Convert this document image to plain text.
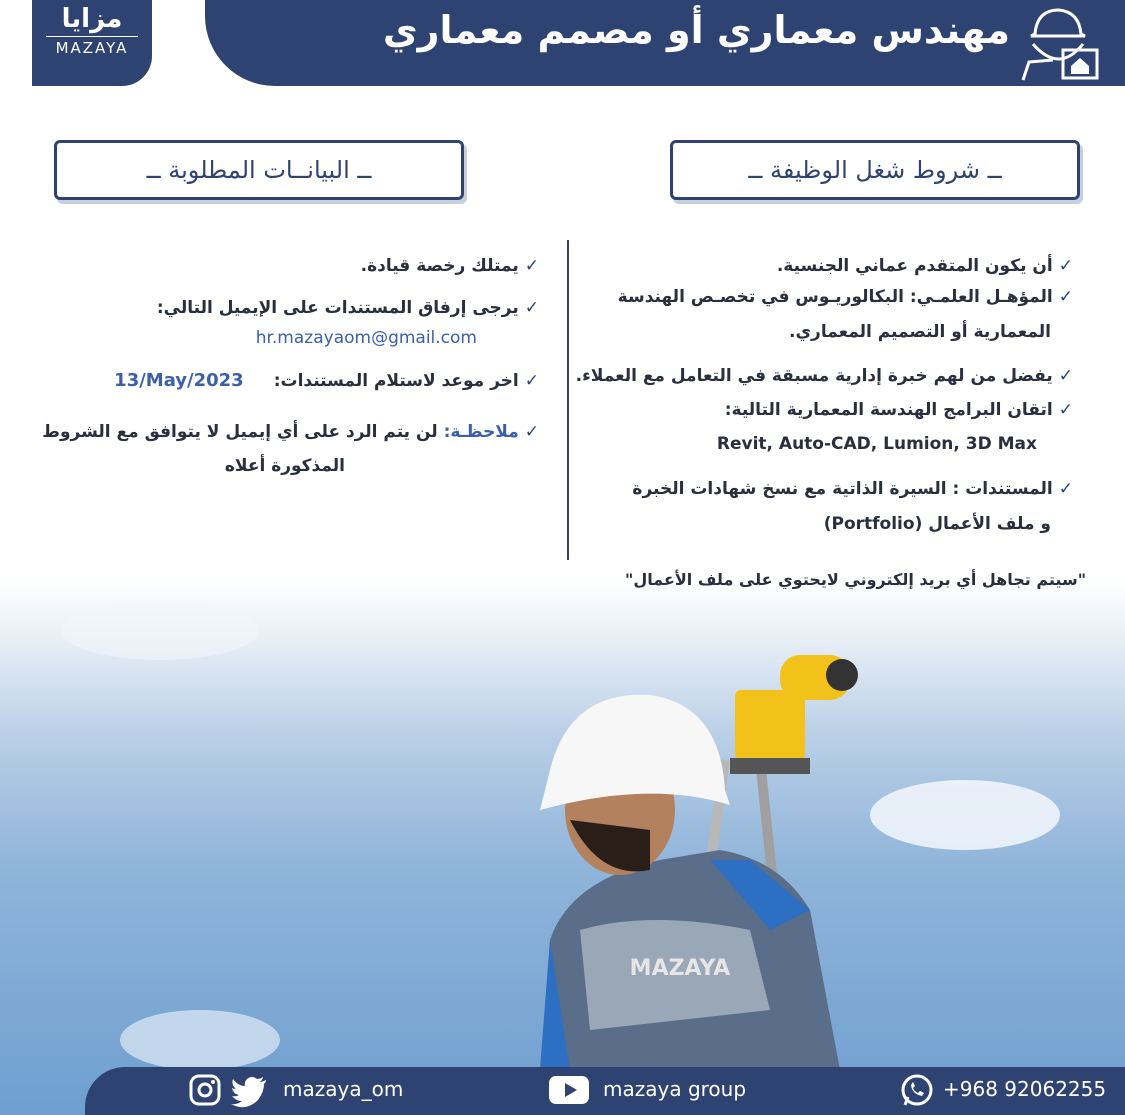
MAZAYA
مزايا
MAZAYA	مهندس معماري أو مصمم معماري
ــ شروط شغل الوظيفة ــ
ــ البيانــات المطلوبة ــ
✓أن يكون المتقدم عماني الجنسية.
✓المؤهـل العلمـي: البكالوريـوس في تخصـص الهندسة
المعمارية أو التصميم المعماري.
✓يفضل من لهم خبرة إدارية مسبقة في التعامل مع العملاء.
✓اتقان البرامج الهندسة المعمارية التالية:
Revit, Auto-CAD, Lumion, 3D Max
✓المستندات : السيرة الذاتية مع نسخ شهادات الخبرة
و ملف الأعمال (Portfolio)
✓يمتلك رخصة قيادة.
✓يرجى إرفاق المستندات على الإيميل التالي:
hr.mazayaom@gmail.com
✓اخر موعد لاستلام المستندات:13/May/2023
✓ملاحظـة: لن يتم الرد على أي إيميل لا يتوافق مع الشروط
المذكورة أعلاه
"سيتم تجاهل أي بريد إلكتروني لايحتوي على ملف الأعمال"
mazaya_om	mazaya group	+968 92062255
